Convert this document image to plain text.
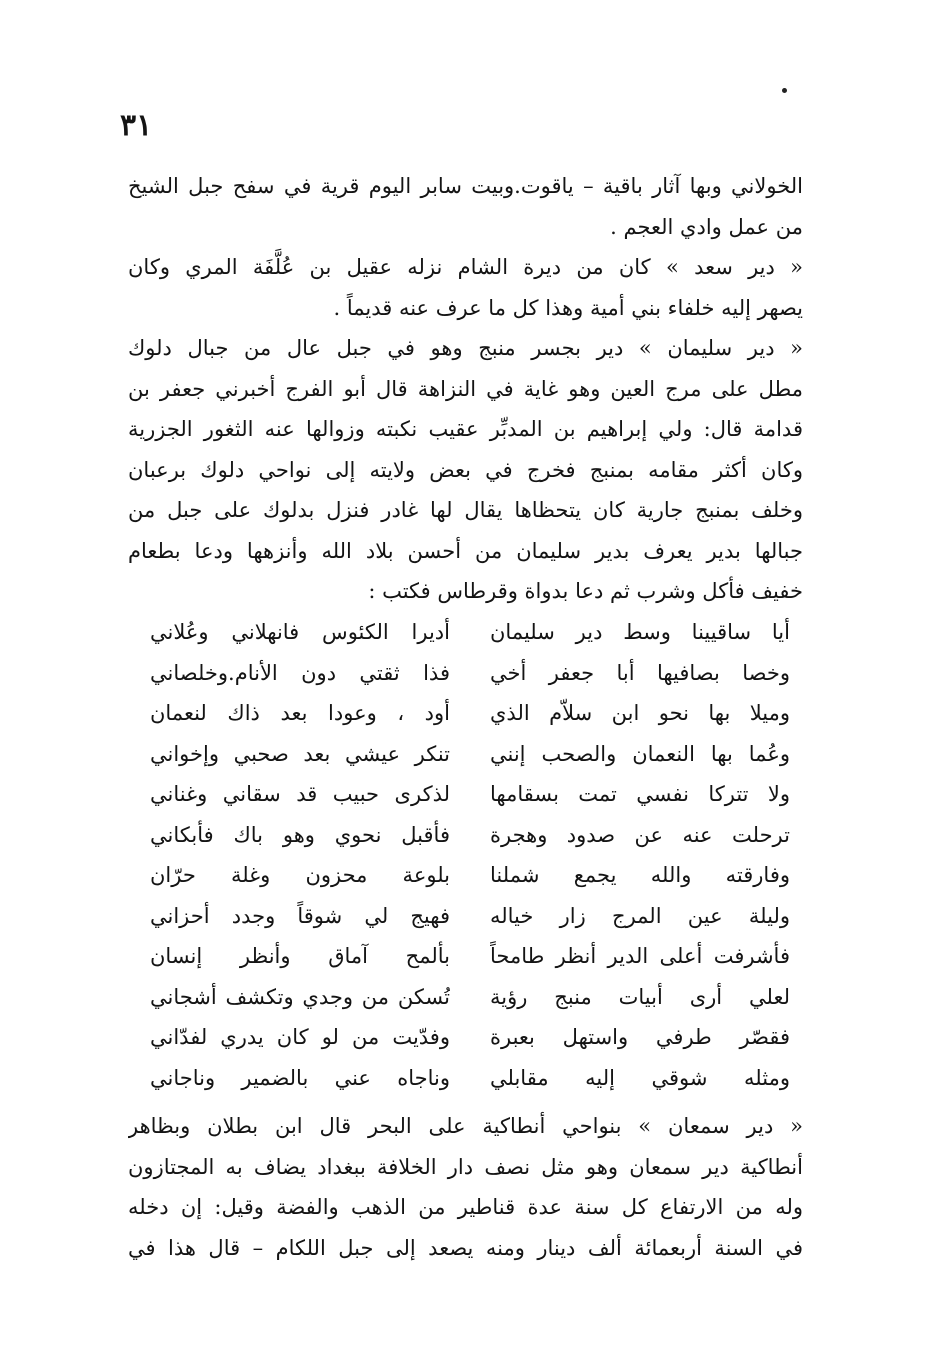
٣١
الخولاني وبها آثار باقية – ياقوت.وبيت سابر اليوم قرية في سفح جبل الشيخ
من عمل وادي العجم .
« دير سعد » كان من ديرة الشام نزله عقيل بن عُلَّفَة المري وكان
يصهر إليه خلفاء بني أمية وهذا كل ما عرف عنه قديماً .
« دير سليمان » دير بجسر منبج وهو في جبل عال من جبال دلوك
مطل على مرج العين وهو غاية في النزاهة قال أبو الفرج أخبرني جعفر بن
قدامة قال: ولي إبراهيم بن المدبِّر عقيب نكبته وزوالها عنه الثغور الجزرية
وكان أكثر مقامه بمنبج فخرج في بعض ولايته إلى نواحي دلوك برعبان
وخلف بمنبج جارية كان يتحظاها يقال لها غادر فنزل بدلوك على جبل من
جبالها بدير يعرف بدير سليمان من أحسن بلاد الله وأنزهها ودعا بطعام
خفيف فأكل وشرب ثم دعا بدواة وقرطاس فكتب :
أيا ساقيينا وسط دير سليمان
أديرا الكئوس فانهلاني وعُلاني
وخصا بصافيها أبا جعفر أخي
فذا ثقتي دون الأنام.وخلصاني
وميلا بها نحو ابن سلاّم الذي
أود ، وعودا بعد ذاك لنعمان
وعُما بها النعمان والصحب إنني
تنكر عيشي بعد صحبي وإخواني
ولا تتركا نفسي تمت بسقامها
لذكرى حبيب قد سقاني وغناني
ترحلت عنه عن صدود وهجرة
فأقبل نحوي وهو باك فأبكاني
وفارقته والله يجمع شملنا
بلوعة محزون وغلة حرّان
وليلة عين المرج زار خياله
فهيج لي شوقاً وجدد أحزاني
فأشرفت أعلى الدير أنظر طامحاً
بألمح آماق وأنظر إنسان
لعلي أرى أبيات منبج رؤية
تُسكن من وجدي وتكشف أشجاني
فقصّر طرفي واستهل بعبرة
وفدّيت من لو كان يدري لفدّاني
ومثله شوقي إليه مقابلي
وناجاه عني بالضمير وناجاني
« دير سمعان » بنواحي أنطاكية على البحر قال ابن بطلان وبظاهر
أنطاكية دير سمعان وهو مثل نصف دار الخلافة ببغداد يضاف به المجتازون
وله من الارتفاع كل سنة عدة قناطير من الذهب والفضة وقيل: إن دخله
في السنة أربعمائة ألف دينار ومنه يصعد إلى جبل اللكام – قال هذا في
